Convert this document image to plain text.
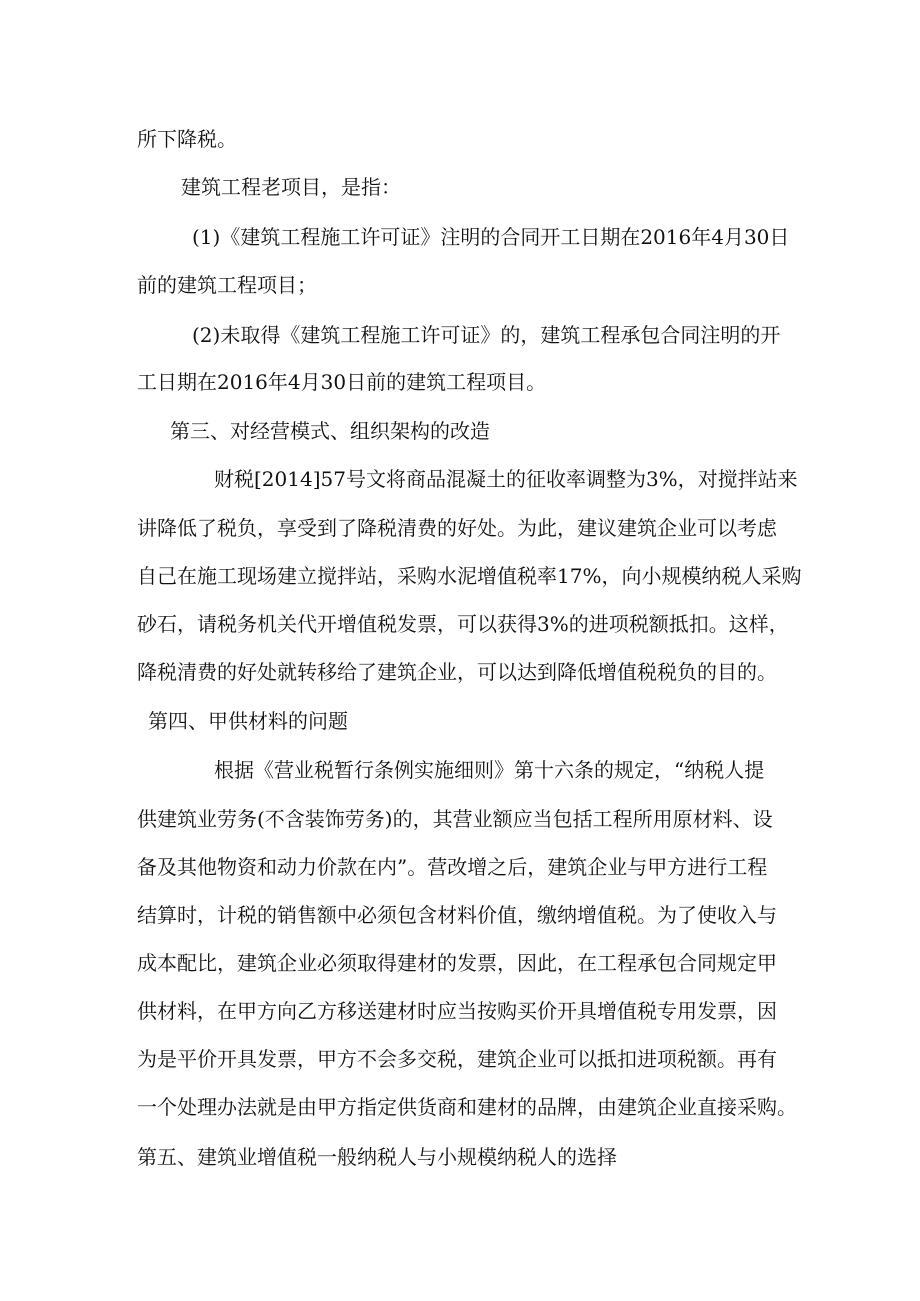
所下降税。
建筑工程老项目，是指：
(1)《建筑工程施工许可证》注明的合同开工日期在2016年4月30日
前的建筑工程项目；
(2)未取得《建筑工程施工许可证》的，建筑工程承包合同注明的开
工日期在2016年4月30日前的建筑工程项目。
第三、对经营模式、组织架构的改造
财税[2014]57号文将商品混凝土的征收率调整为3%，对搅拌站来
讲降低了税负，享受到了降税清费的好处。为此，建议建筑企业可以考虑
自己在施工现场建立搅拌站，采购水泥增值税率17%，向小规模纳税人采购
砂石，请税务机关代开增值税发票，可以获得3%的进项税额抵扣。这样，
降税清费的好处就转移给了建筑企业，可以达到降低增值税税负的目的。
第四、甲供材料的问题
根据《营业税暂行条例实施细则》第十六条的规定，“纳税人提
供建筑业劳务(不含装饰劳务)的，其营业额应当包括工程所用原材料、设
备及其他物资和动力价款在内”。营改增之后，建筑企业与甲方进行工程
结算时，计税的销售额中必须包含材料价值，缴纳增值税。为了使收入与
成本配比，建筑企业必须取得建材的发票，因此，在工程承包合同规定甲
供材料，在甲方向乙方移送建材时应当按购买价开具增值税专用发票，因
为是平价开具发票，甲方不会多交税，建筑企业可以抵扣进项税额。再有
一个处理办法就是由甲方指定供货商和建材的品牌，由建筑企业直接采购。
第五、建筑业增值税一般纳税人与小规模纳税人的选择
